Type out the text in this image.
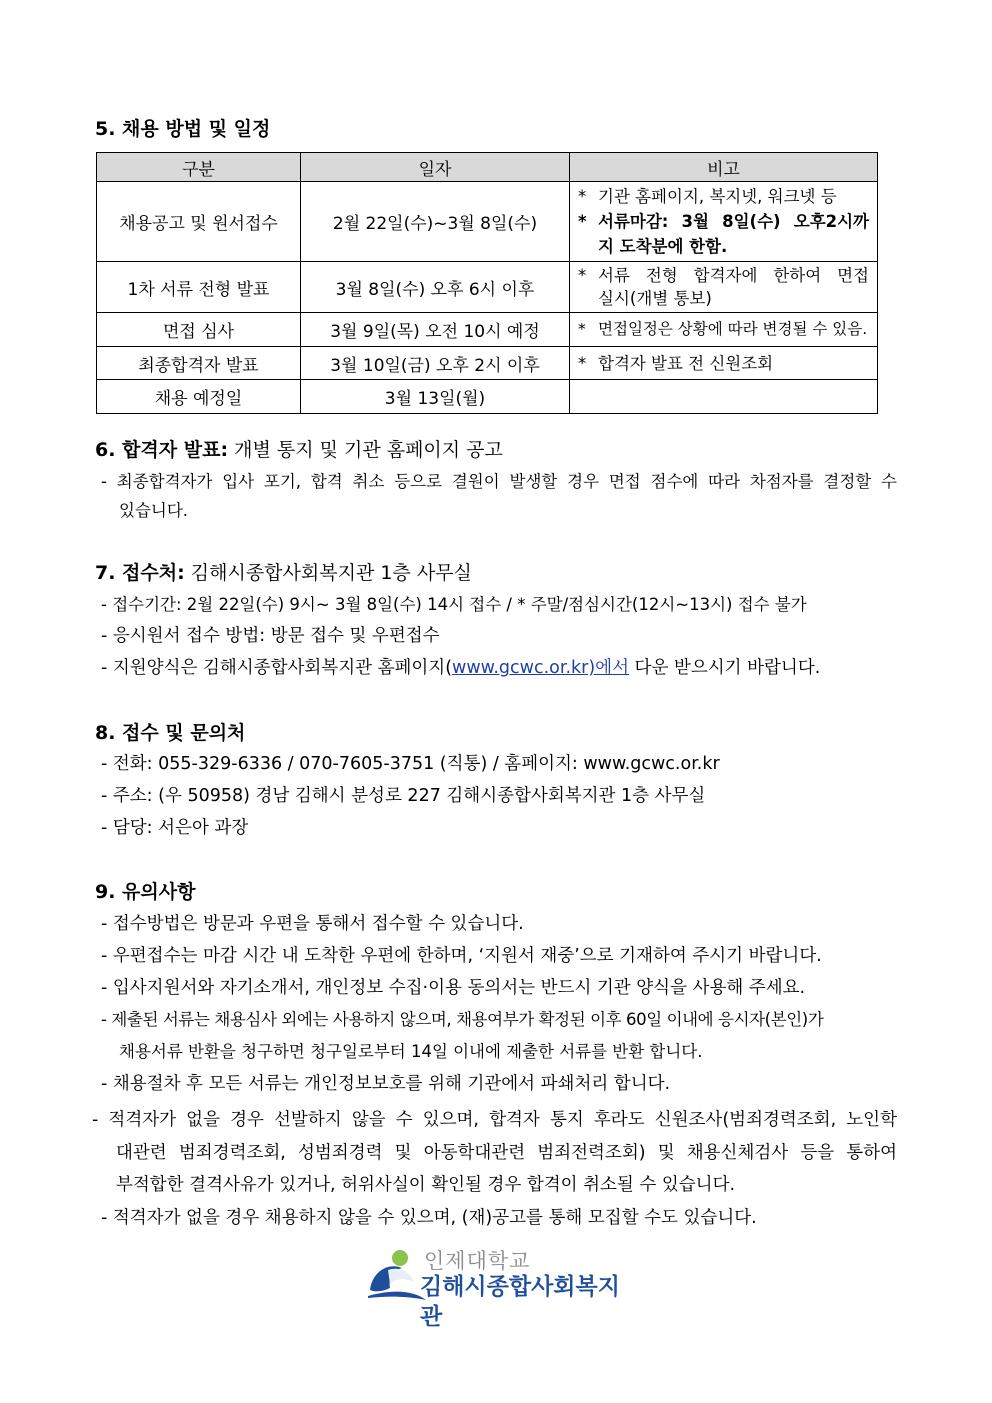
5. 채용 방법 및 일정
구분	일자	비고
채용공고 및 원서접수	2월 22일(수)~3월 8일(수)	* 기관 홈페이지, 복지넷, 워크넷 등
* 서류마감: 3월 8일(수) 오후2시까
지 도착분에 한함.

1차 서류 전형 발표	3월 8일(수) 오후 6시 이후	* 서류 전형 합격자에 한하여 면접
실시(개별 통보)

면접 심사	3월 9일(목) 오전 10시 예정	* 면접일정은 상황에 따라 변경될 수 있음.

최종합격자 발표	3월 10일(금) 오후 2시 이후	* 합격자 발표 전 신원조회

채용 예정일	3월 13일(월)	
6. 합격자 발표: 개별 통지 및 기관 홈페이지 공고
- 최종합격자가 입사 포기, 합격 취소 등으로 결원이 발생할 경우 면접 점수에 따라 차점자를 결정할 수
있습니다.
7. 접수처: 김해시종합사회복지관 1층 사무실
- 접수기간: 2월 22일(수) 9시~ 3월 8일(수) 14시 접수 / * 주말/점심시간(12시~13시) 접수 불가
- 응시원서 접수 방법: 방문 접수 및 우편접수
- 지원양식은 김해시종합사회복지관 홈페이지(www.gcwc.or.kr)에서 다운 받으시기 바랍니다.
8. 접수 및 문의처
- 전화: 055-329-6336 / 070-7605-3751 (직통) / 홈페이지: www.gcwc.or.kr
- 주소: (우 50958) 경남 김해시 분성로 227 김해시종합사회복지관 1층 사무실
- 담당: 서은아 과장
9. 유의사항
- 접수방법은 방문과 우편을 통해서 접수할 수 있습니다.
- 우편접수는 마감 시간 내 도착한 우편에 한하며, ‘지원서 재중’으로 기재하여 주시기 바랍니다.
- 입사지원서와 자기소개서, 개인정보 수집·이용 동의서는 반드시 기관 양식을 사용해 주세요.
- 제출된 서류는 채용심사 외에는 사용하지 않으며, 채용여부가 확정된 이후 60일 이내에 응시자(본인)가
채용서류 반환을 청구하면 청구일로부터 14일 이내에 제출한 서류를 반환 합니다.
- 채용절차 후 모든 서류는 개인정보보호를 위해 기관에서 파쇄처리 합니다.
- 적격자가 없을 경우 선발하지 않을 수 있으며, 합격자 통지 후라도 신원조사(범죄경력조회, 노인학
대관련 범죄경력조회, 성범죄경력 및 아동학대관련 범죄전력조회) 및 채용신체검사 등을 통하여
부적합한 결격사유가 있거나, 허위사실이 확인될 경우 합격이 취소될 수 있습니다.
- 적격자가 없을 경우 채용하지 않을 수 있으며, (재)공고를 통해 모집할 수도 있습니다.
인제대학교
김해시종합사회복지관
